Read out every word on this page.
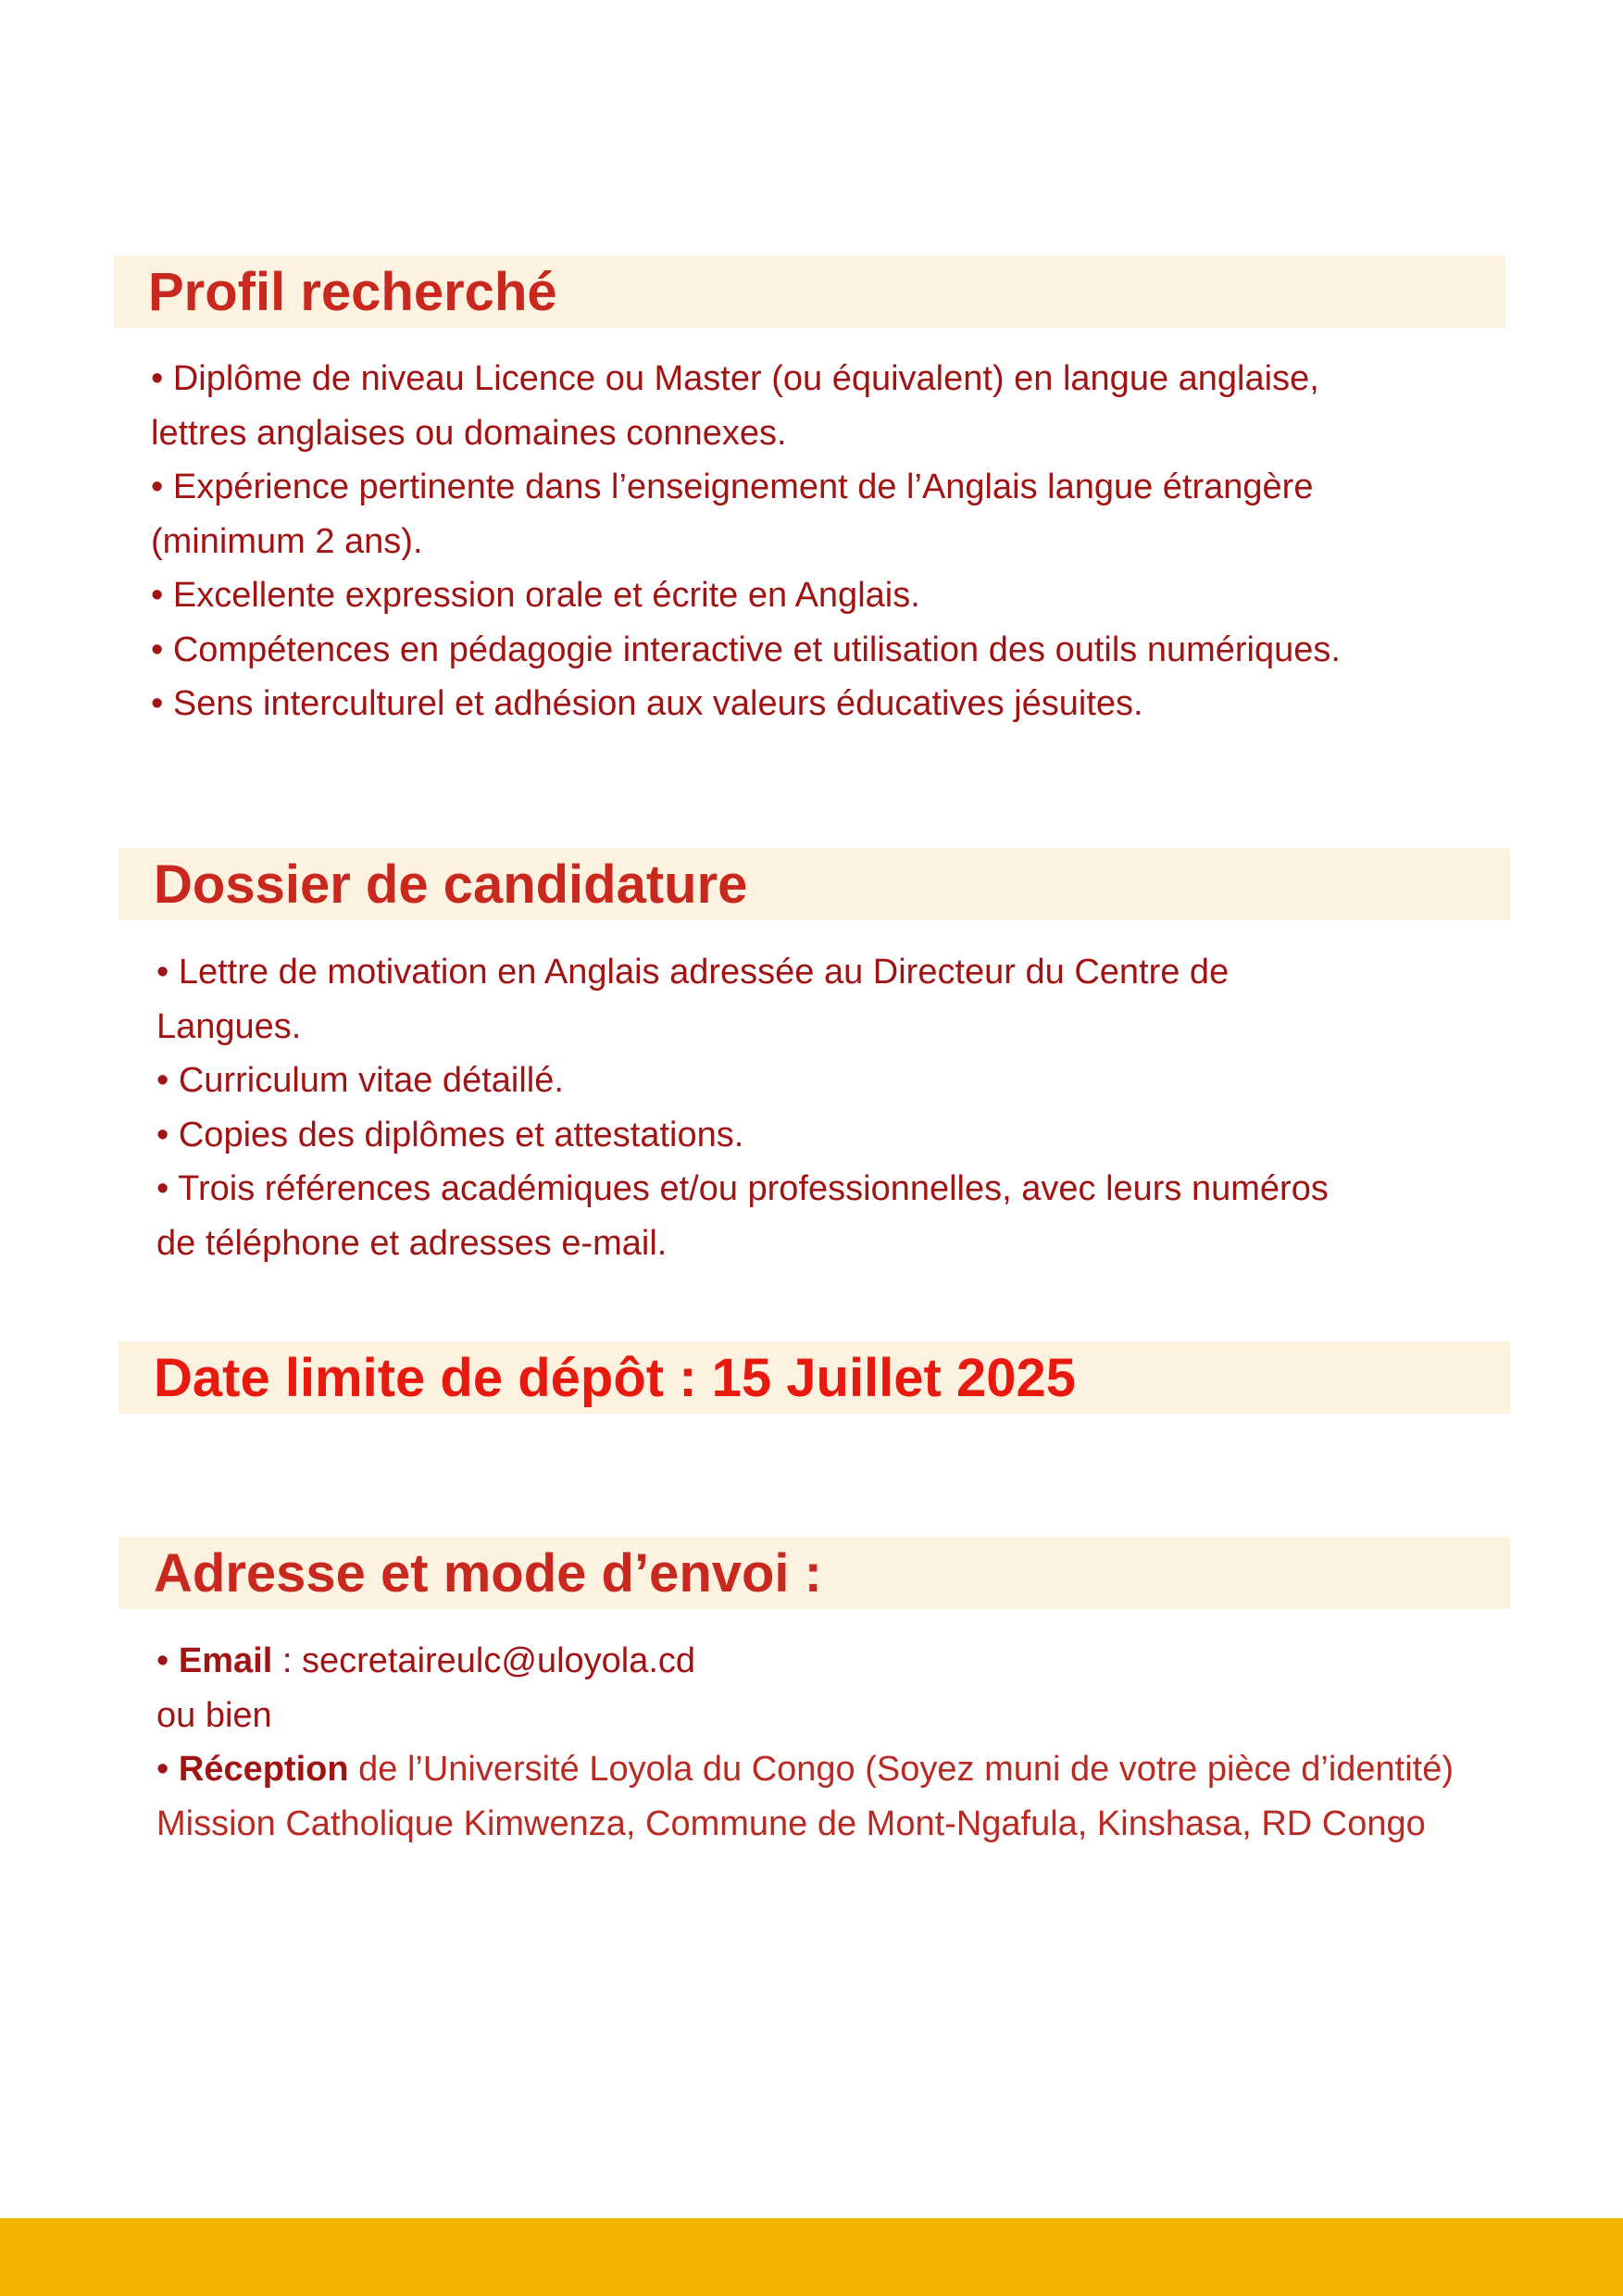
Profil recherché
• Diplôme de niveau Licence ou Master (ou équivalent) en langue anglaise,
lettres anglaises ou domaines connexes.
• Expérience pertinente dans l’enseignement de l’Anglais langue étrangère
(minimum 2 ans).
• Excellente expression orale et écrite en Anglais.
• Compétences en pédagogie interactive et utilisation des outils numériques.
• Sens interculturel et adhésion aux valeurs éducatives jésuites.
Dossier de candidature
• Lettre de motivation en Anglais adressée au Directeur du Centre de
Langues.
• Curriculum vitae détaillé.
• Copies des diplômes et attestations.
• Trois références académiques et/ou professionnelles, avec leurs numéros
de téléphone et adresses e-mail.
Date limite de dépôt : 15 Juillet 2025
Adresse et mode d’envoi :
• Email : secretaireulc@uloyola.cd
ou bien
• Réception de l’Université Loyola du Congo (Soyez muni de votre pièce d’identité)
Mission Catholique Kimwenza, Commune de Mont-Ngafula, Kinshasa, RD Congo
